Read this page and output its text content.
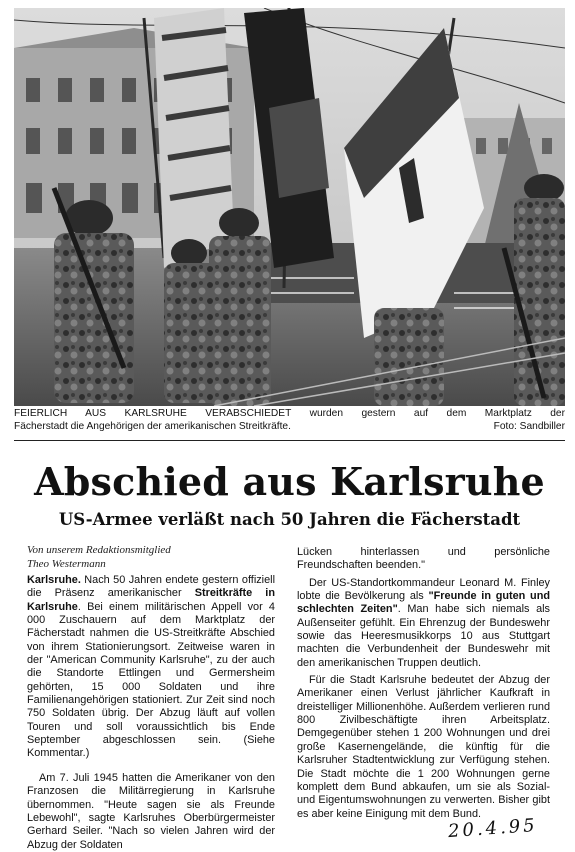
FEIERLICH AUS KARLSRUHE VERABSCHIEDET wurden gestern auf dem Marktplatz der
Fächerstadt die Angehörigen der amerikanischen Streitkräfte.	Foto: Sandbiller
Abschied aus Karlsruhe
US-Armee verläßt nach 50 Jahren die Fächerstadt
Von unserem Redaktionsmitglied
Theo Westermann

Karlsruhe. Nach 50 Jahren endete gestern offiziell die Präsenz amerikanischer Streitkräfte in Karlsruhe. Bei einem militärischen Appell vor 4 000 Zuschauern auf dem Marktplatz der Fächerstadt nahmen die US-Streitkräfte Abschied von ihrem Stationierungsort. Zeitweise waren in der "American Community Karlsruhe", zu der auch die Standorte Ettlingen und Germersheim gehörten, 15 000 Soldaten und ihre Familienangehörigen stationiert. Zur Zeit sind noch 750 Soldaten übrig. Der Abzug läuft auf vollen Touren und soll voraussichtlich bis Ende September abgeschlossen sein. (Siehe Kommentar.)

Am 7. Juli 1945 hatten die Amerikaner von den Franzosen die Militärregierung in Karlsruhe übernommen. "Heute sagen sie als Freunde Lebewohl", sagte Karlsruhes Oberbürgermeister Gerhard Seiler. "Nach so vielen Jahren wird der Abzug der Soldaten

Lücken hinterlassen und persönliche Freundschaften beenden."

Der US-Standortkommandeur Leonard M. Finley lobte die Bevölkerung als "Freunde in guten und schlechten Zeiten". Man habe sich niemals als Außenseiter gefühlt. Ein Ehrenzug der Bundeswehr sowie das Heeresmusikkorps 10 aus Stuttgart machten die Verbundenheit der Bundeswehr mit den amerikanischen Truppen deutlich.

Für die Stadt Karlsruhe bedeutet der Abzug der Amerikaner einen Verlust jährlicher Kaufkraft in dreistelliger Millionenhöhe. Außerdem verlieren rund 800 Zivilbeschäftigte ihren Arbeitsplatz. Demgegenüber stehen 1 200 Wohnungen und drei große Kasernengelände, die künftig für die Karlsruher Stadtentwicklung zur Verfügung stehen. Die Stadt möchte die 1 200 Wohnungen gerne komplett dem Bund abkaufen, um sie als Sozial- und Eigentumswohnungen zu verwerten. Bisher gibt es aber keine Einigung mit dem Bund.

20.4.95
